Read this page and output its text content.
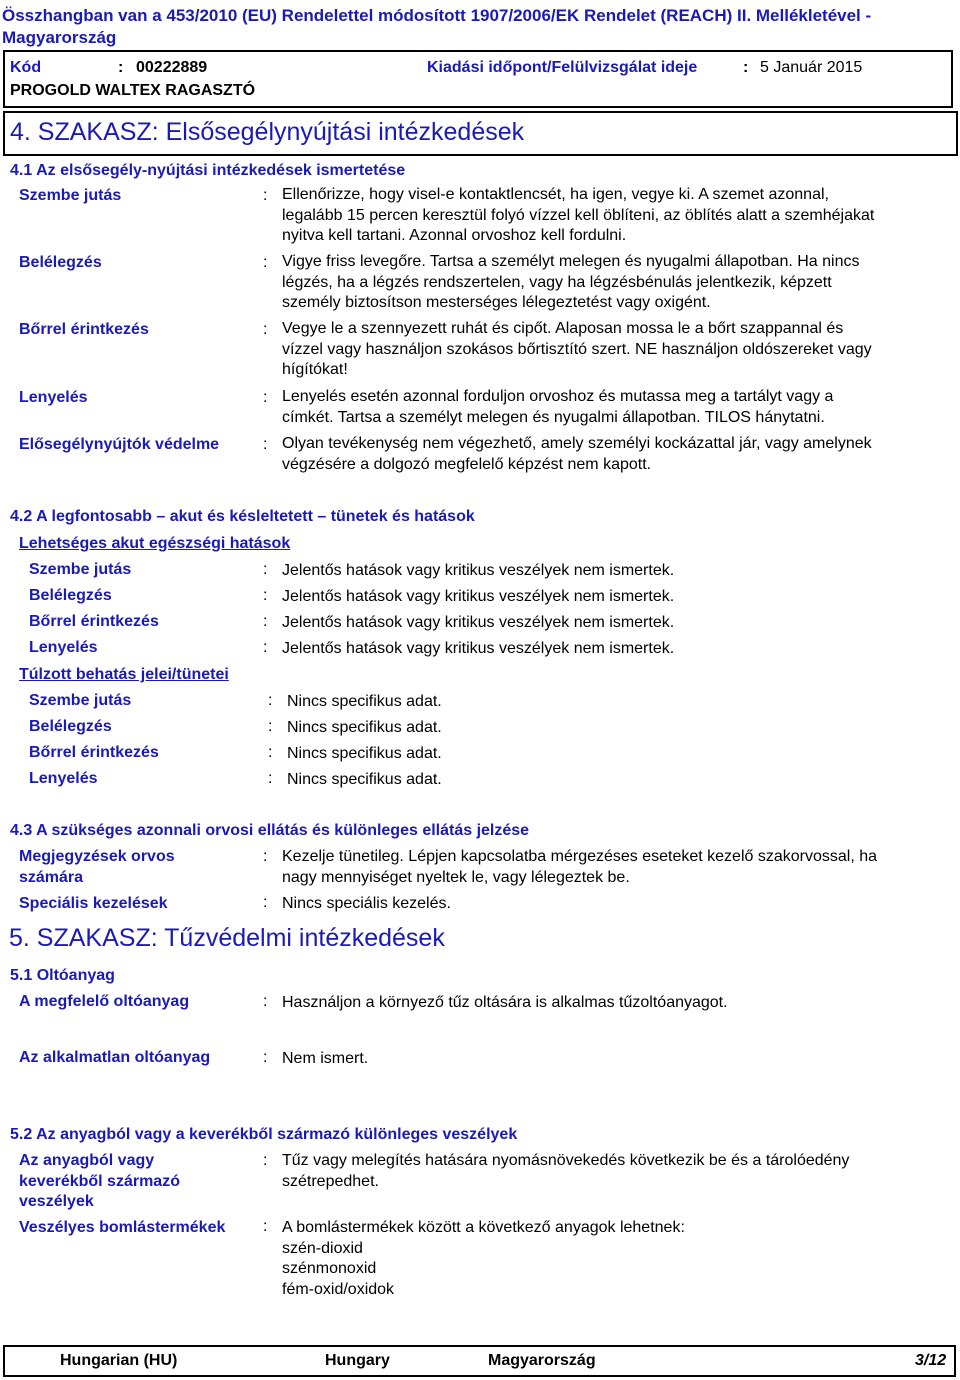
Összhangban van a 453/2010 (EU) Rendelettel módosított 1907/2006/EK Rendelet (REACH) II. Mellékletével - Magyarország
Kód	: 00222889	Kiadási időpont/Felülvizsgálat ideje	: 5 Január 2015
PROGOLD WALTEX RAGASZTÓ
4. SZAKASZ: Elsősegélynyújtási intézkedések
4.1 Az elsősegély-nyújtási intézkedések ismertetése
Szembe jutás	: Ellenőrizze, hogy visel-e kontaktlencsét, ha igen, vegye ki. A szemet azonnal,
legalább 15 percen keresztül folyó vízzel kell öblíteni, az öblítés alatt a szemhéjakat
nyitva kell tartani. Azonnal orvoshoz kell fordulni.
Belélegzés	: Vigye friss levegőre. Tartsa a személyt melegen és nyugalmi állapotban. Ha nincs
légzés, ha a légzés rendszertelen, vagy ha légzésbénulás jelentkezik, képzett
személy biztosítson mesterséges lélegeztetést vagy oxigént.
Bőrrel érintkezés	: Vegye le a szennyezett ruhát és cipőt. Alaposan mossa le a bőrt szappannal és
vízzel vagy használjon szokásos bőrtisztító szert. NE használjon oldószereket vagy
hígítókat!
Lenyelés	: Lenyelés esetén azonnal forduljon orvoshoz és mutassa meg a tartályt vagy a
címkét. Tartsa a személyt melegen és nyugalmi állapotban. TILOS hánytatni.
Elősegélynyújtók védelme	: Olyan tevékenység nem végezhető, amely személyi kockázattal jár, vagy amelynek
végzésére a dolgozó megfelelő képzést nem kapott.
4.2 A legfontosabb – akut és késleltetett – tünetek és hatások
Lehetséges akut egészségi hatások
Szembe jutás	: Jelentős hatások vagy kritikus veszélyek nem ismertek.
Belélegzés	: Jelentős hatások vagy kritikus veszélyek nem ismertek.
Bőrrel érintkezés	: Jelentős hatások vagy kritikus veszélyek nem ismertek.
Lenyelés	: Jelentős hatások vagy kritikus veszélyek nem ismertek.
Túlzott behatás jelei/tünetei
Szembe jutás	: Nincs specifikus adat.
Belélegzés	: Nincs specifikus adat.
Bőrrel érintkezés	: Nincs specifikus adat.
Lenyelés	: Nincs specifikus adat.
4.3 A szükséges azonnali orvosi ellátás és különleges ellátás jelzése
Megjegyzések orvos
számára
: Kezelje tünetileg. Lépjen kapcsolatba mérgezéses eseteket kezelő szakorvossal, ha
nagy mennyiséget nyeltek le, vagy lélegeztek be.
Speciális kezelések	: Nincs speciális kezelés.
5. SZAKASZ: Tűzvédelmi intézkedések
5.1 Oltóanyag
A megfelelő oltóanyag	: Használjon a környező tűz oltására is alkalmas tűzoltóanyagot.
Az alkalmatlan oltóanyag	: Nem ismert.
5.2 Az anyagból vagy a keverékből származó különleges veszélyek
Az anyagból vagy
keverékből származó
veszélyek
: Tűz vagy melegítés hatására nyomásnövekedés következik be és a tárolóedény
szétrepedhet.
Veszélyes bomlástermékek : A bomlástermékek között a következő anyagok lehetnek:
szén-dioxid
szénmonoxid
fém-oxid/oxidok
Hungarian (HU)	Hungary	Magyarország	3/12
